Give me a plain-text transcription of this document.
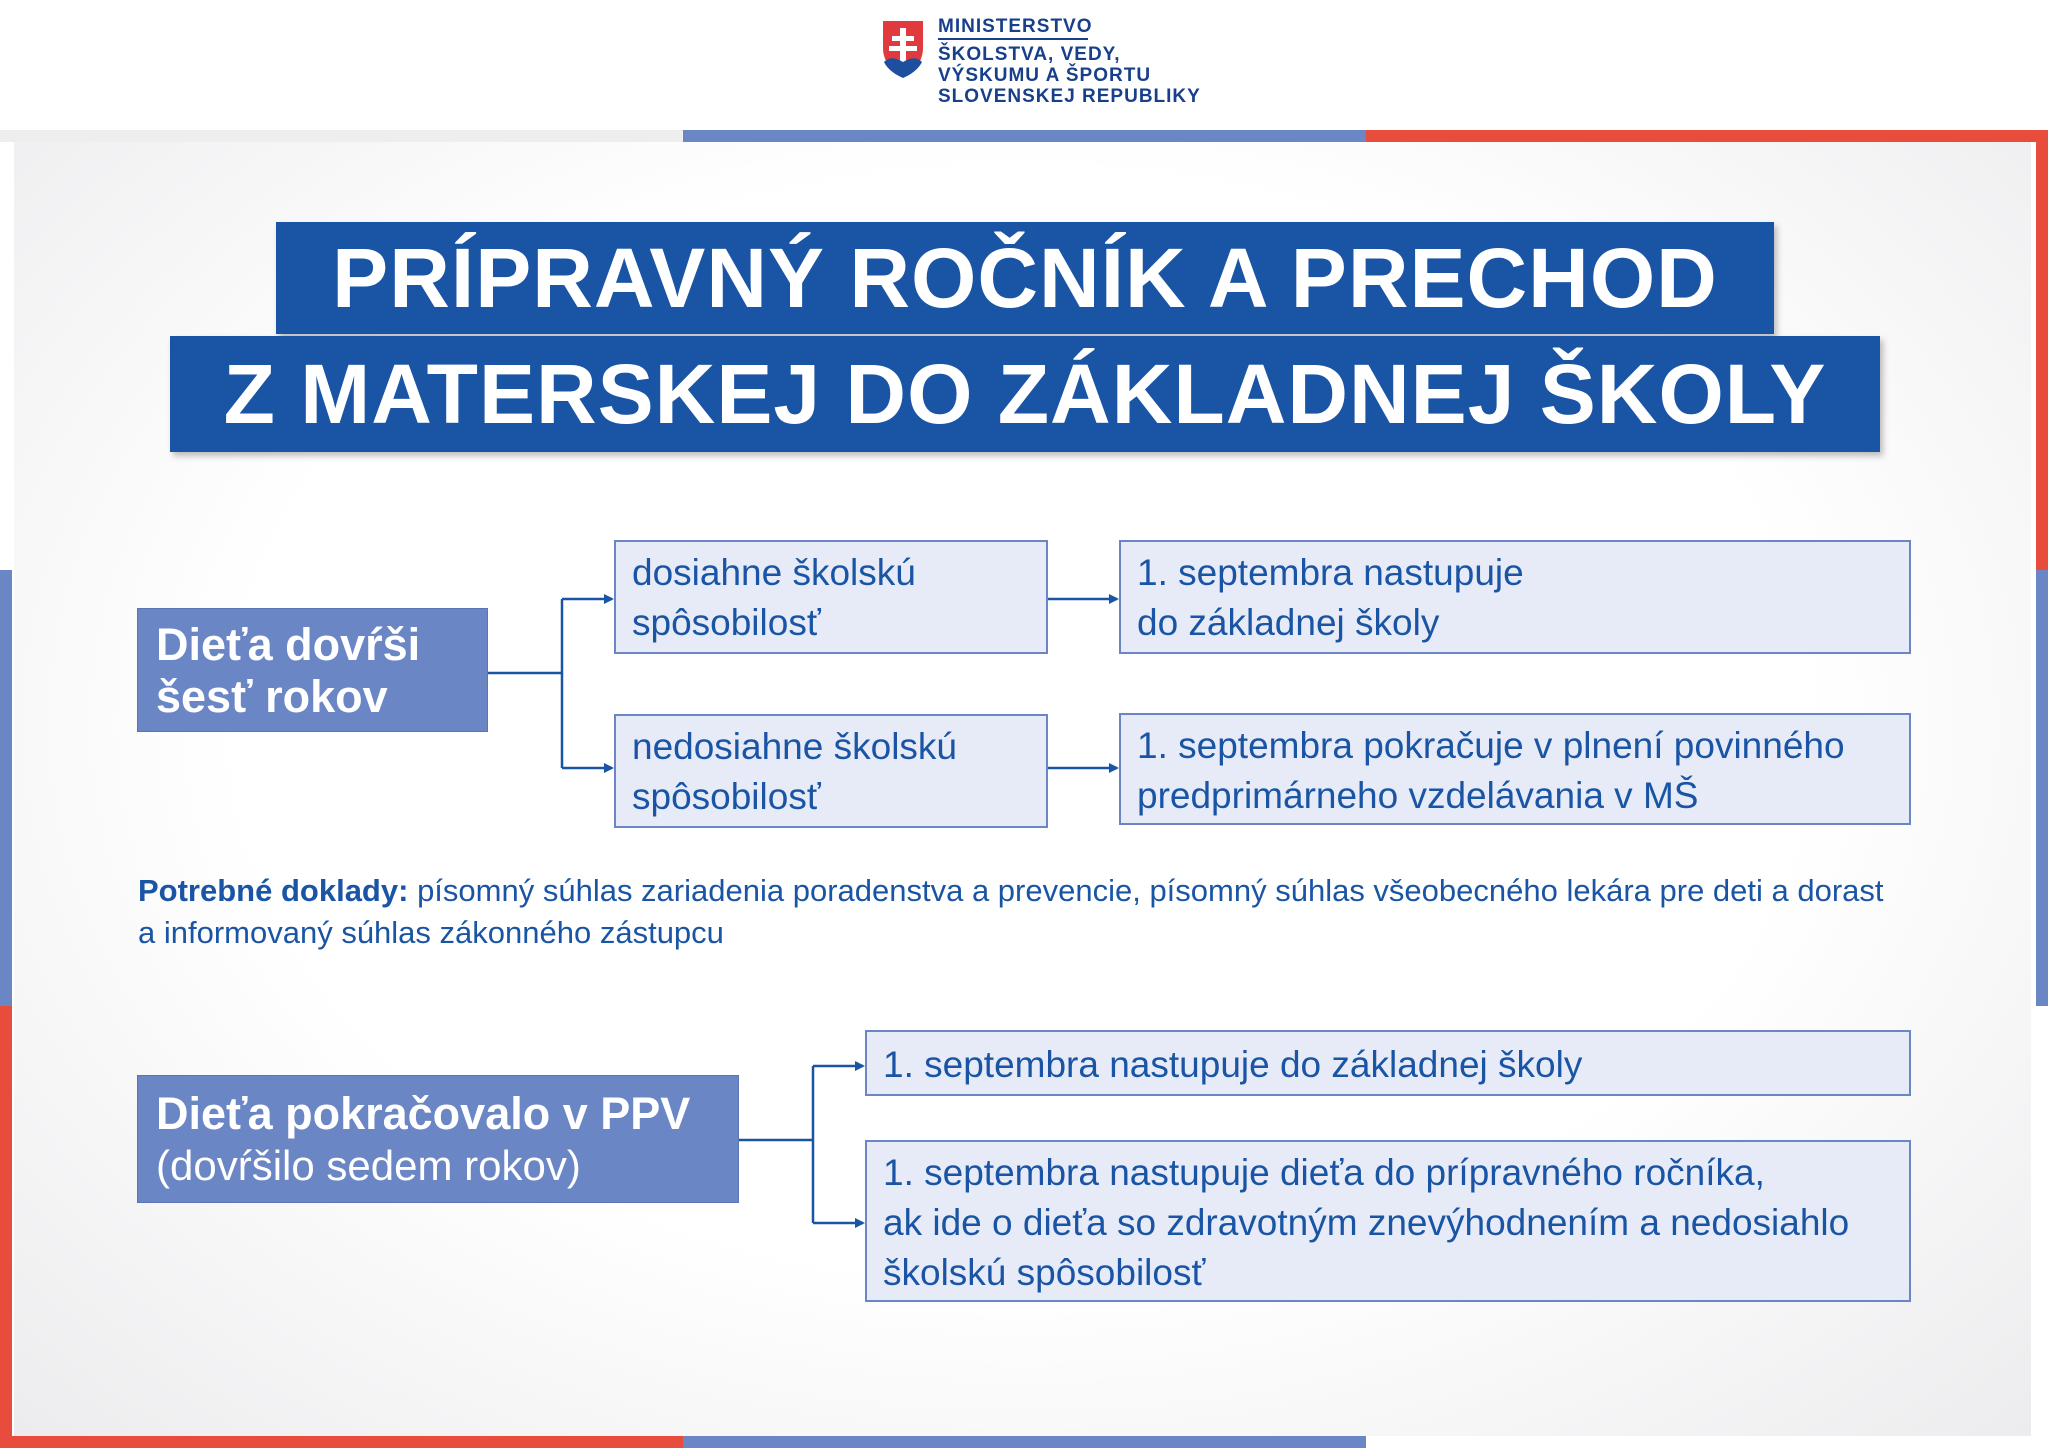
MINISTERSTVO
ŠKOLSTVA, VEDY,
VÝSKUMU A ŠPORTU
SLOVENSKEJ REPUBLIKY
PRÍPRAVNÝ ROČNÍK A PRECHOD
Z MATERSKEJ DO ZÁKLADNEJ ŠKOLY
Dieťa dovŕši
šesť rokov
dosiahne školskú
spôsobilosť
nedosiahne školskú
spôsobilosť
1. septembra nastupuje
do základnej školy
1. septembra pokračuje v plnení povinného
predprimárneho vzdelávania v MŠ
Potrebné doklady: písomný súhlas zariadenia poradenstva a prevencie, písomný súhlas všeobecného lekára pre deti a dorast a informovaný súhlas zákonného zástupcu
Dieťa pokračovalo v PPV
(dovŕšilo sedem rokov)
1. septembra nastupuje do základnej školy
1. septembra nastupuje dieťa do prípravného ročníka,
ak ide o dieťa so zdravotným znevýhodnením a nedosiahlo
školskú spôsobilosť
